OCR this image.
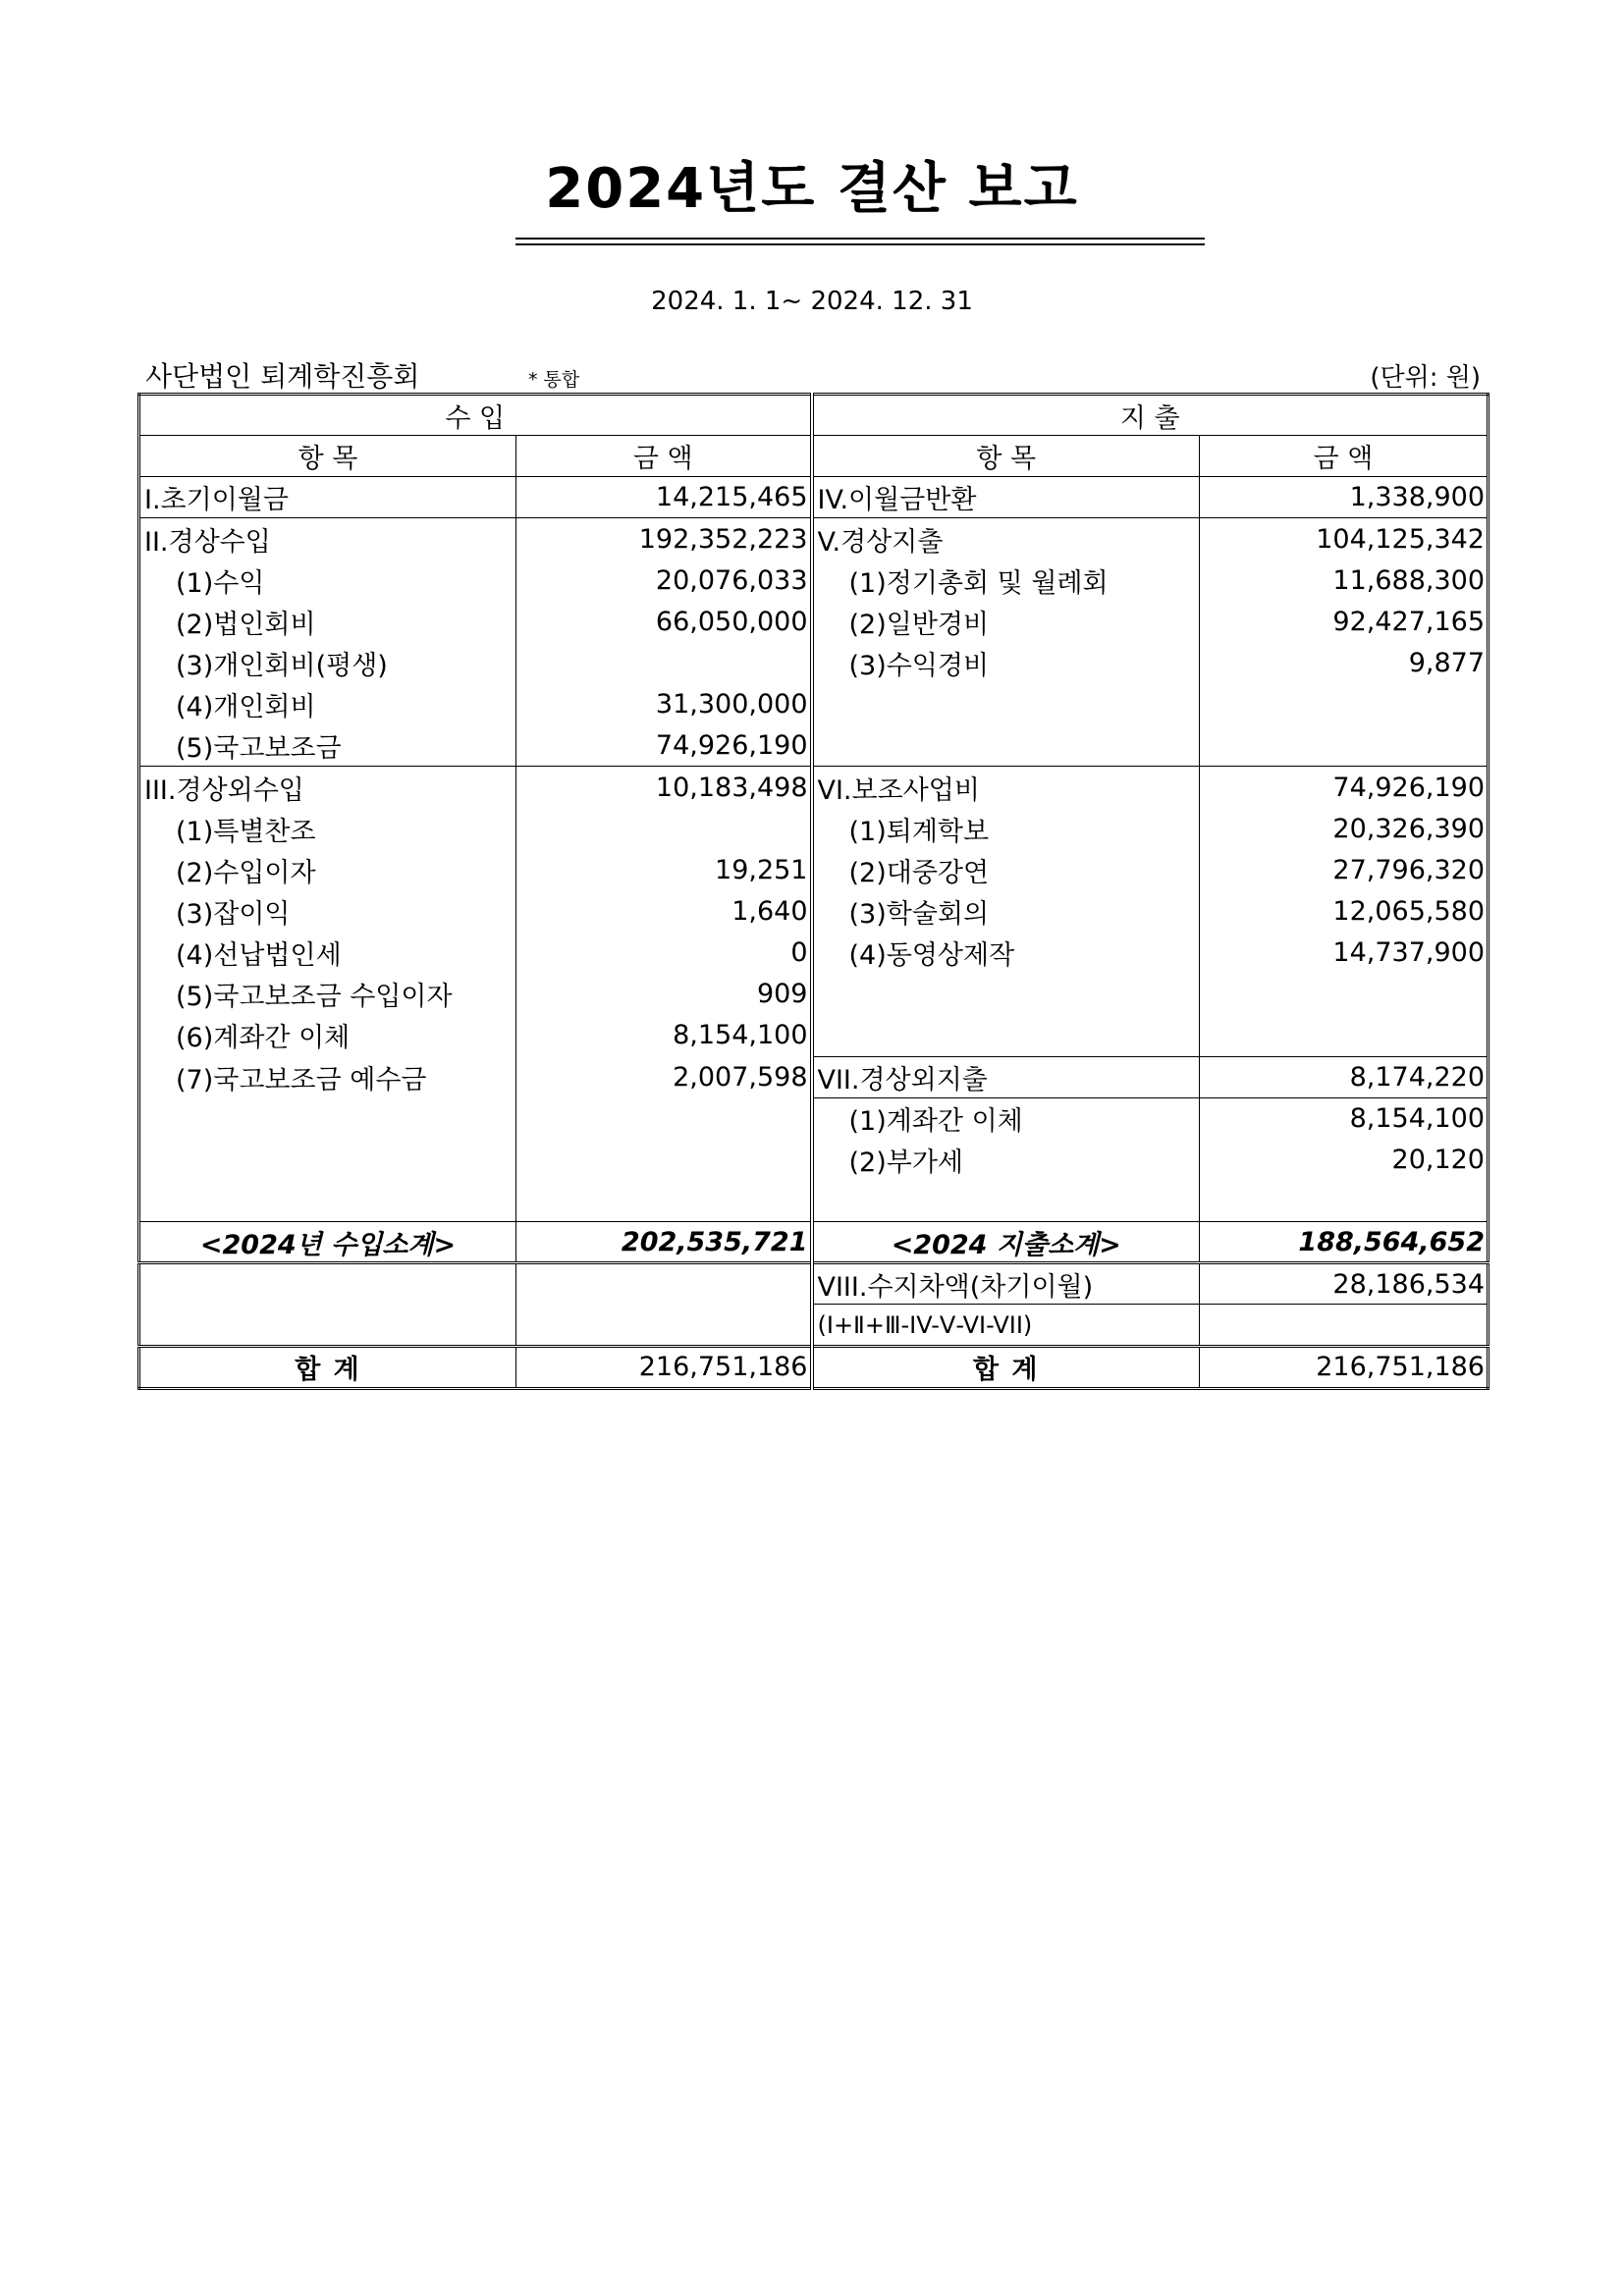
2024년도 결산 보고
2024. 1. 1~ 2024. 12. 31
사단법인 퇴계학진흥회	* 통합	(단위: 원)
수 입		지 출	
항 목	금 액	항 목	금 액
I.초기이월금	14,215,465	IV.이월금반환	1,338,900
II.경상수입	192,352,223	V.경상지출	104,125,342
(1)수익	20,076,033	(1)정기총회 및 월례회	11,688,300
(2)법인회비	66,050,000	(2)일반경비	92,427,165
(3)개인회비(평생)		(3)수익경비	9,877
(4)개인회비	31,300,000		
(5)국고보조금	74,926,190		
III.경상외수입	10,183,498	VI.보조사업비	74,926,190
(1)특별찬조		(1)퇴계학보	20,326,390
(2)수입이자	19,251	(2)대중강연	27,796,320
(3)잡이익	1,640	(3)학술회의	12,065,580
(4)선납법인세	0	(4)동영상제작	14,737,900
(5)국고보조금 수입이자	909		
(6)계좌간 이체	8,154,100		
(7)국고보조금 예수금	2,007,598	VII.경상외지출	8,174,220
		(1)계좌간 이체	8,154,100
		(2)부가세	20,120

<2024년 수입소계>	202,535,721	<2024 지출소계>	188,564,652
		VIII.수지차액(차기이월)	28,186,534
		(Ⅰ+Ⅱ+Ⅲ-IV-Ⅴ-VI-VII)	
합 계	216,751,186	합 계	216,751,186
